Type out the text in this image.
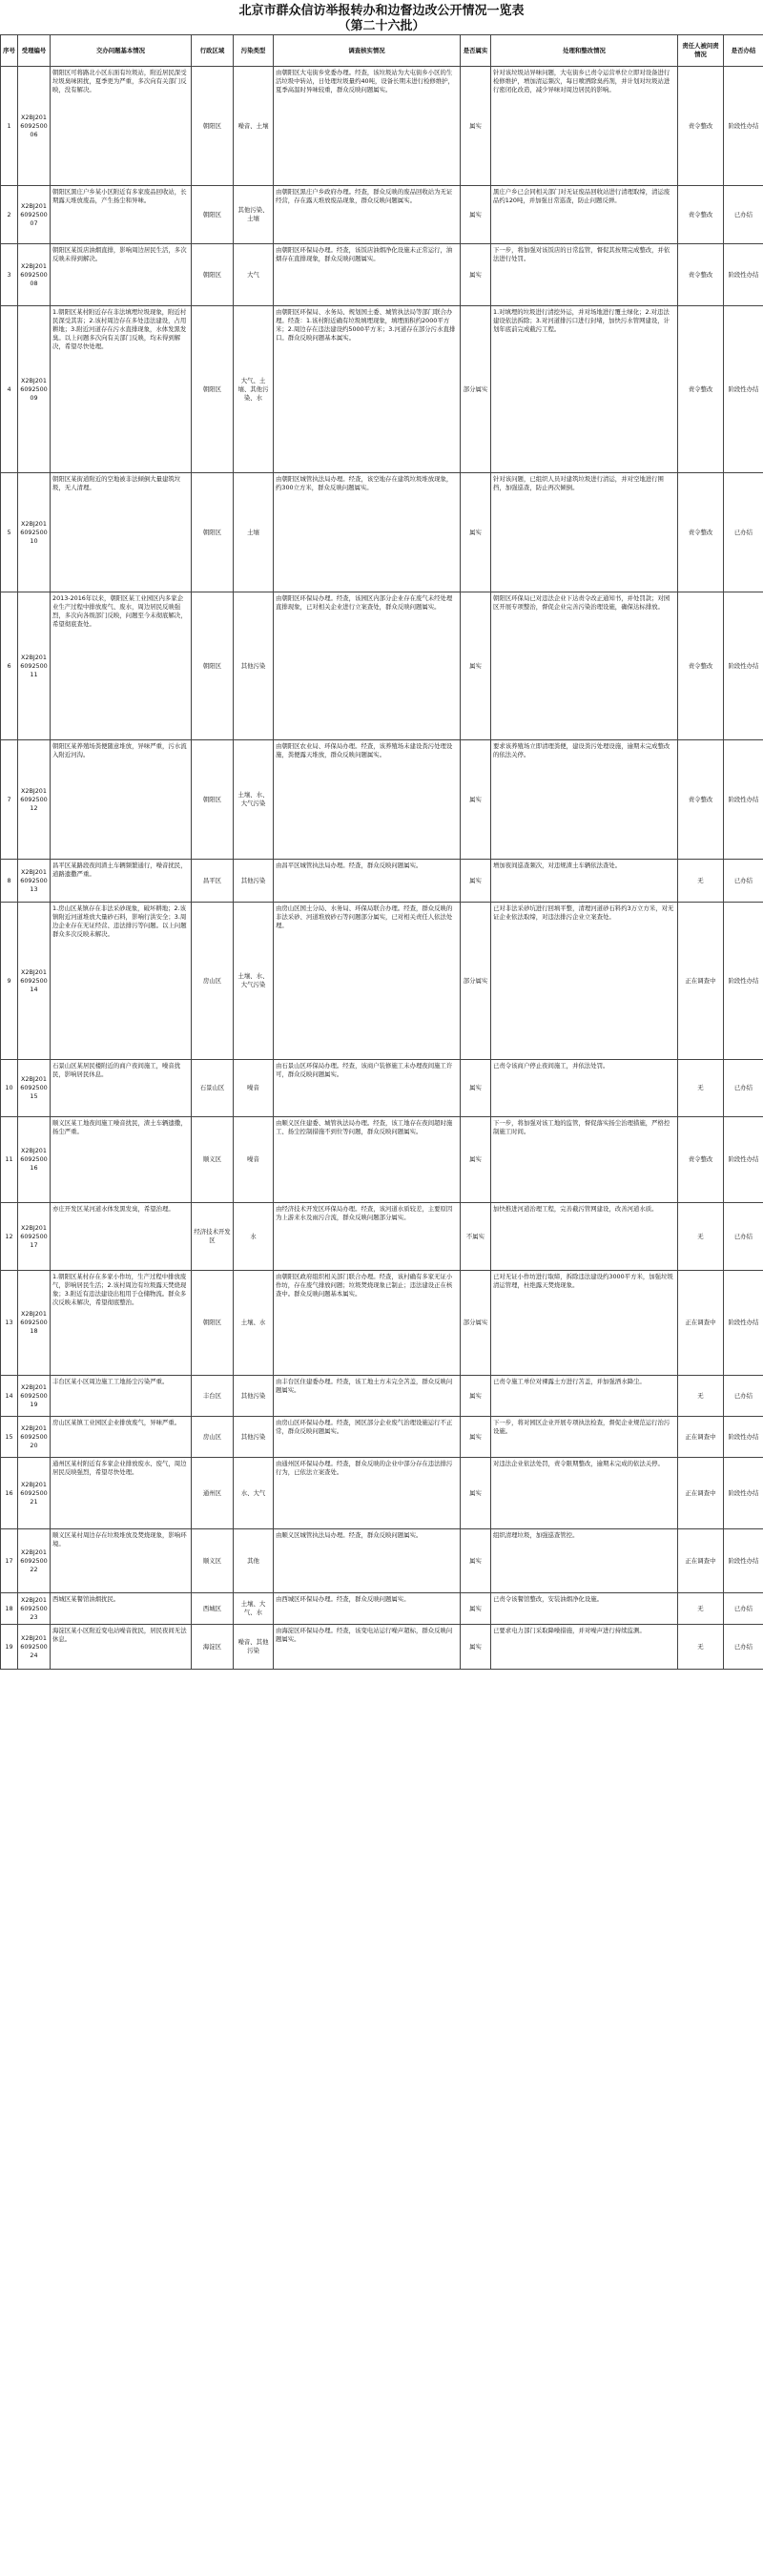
北京市群众信访举报转办和边督边改公开情况一览表
（第二十六批）
序号	受理编号	交办问题基本情况	行政区域	污染类型	调查核实情况	是否属实	处理和整改情况	责任人被问责情况	是否办结

1	X2BJ201609250006	朝阳区可将路北小区东面有垃圾站，附近居民深受垃圾臭味困扰，夏季更为严重，多次向有关部门反映，没有解决。	朝阳区	噪音、土壤	由朝阳区大屯街乡党委办理。经查，该垃圾站为大屯街乡小区的生活垃圾中转站，日处理垃圾量约40吨，设备长期未进行检修维护，夏季高温时异味较重，群众反映问题属实。	属实	针对该垃圾站异味问题，大屯街乡已责令运营单位立即对设备进行检修维护，增加清运频次，每日喷洒除臭药剂，并计划对垃圾站进行密闭化改造，减少异味对周边居民的影响。	责令整改	阶段性办结

2	X2BJ201609250007	朝阳区黑庄户乡某小区附近有多家废品回收站，长期露天堆放废品，产生扬尘和异味。	朝阳区	其他污染、土壤	由朝阳区黑庄户乡政府办理。经查，群众反映的废品回收站为无证经营，存在露天堆放废品现象，群众反映问题属实。	属实	黑庄户乡已会同相关部门对无证废品回收站进行清理取缔，清运废品约120吨，并加强日常巡查，防止问题反弹。	责令整改	已办结

3	X2BJ201609250008	朝阳区某饭店油烟直排，影响周边居民生活，多次反映未得到解决。	朝阳区	大气	由朝阳区环保局办理。经查，该饭店油烟净化设施未正常运行，油烟存在直排现象，群众反映问题属实。	属实	下一步，将加强对该饭店的日常监管，督促其按期完成整改，并依法进行处罚。	责令整改	阶段性办结

4	X2BJ201609250009	1.朝阳区某村附近存在非法填埋垃圾现象，附近村民深受其害；2.该村周边存在多处违法建设，占用耕地；3.附近河道存在污水直排现象，水体发黑发臭。以上问题多次向有关部门反映，均未得到解决，希望尽快处理。	朝阳区	大气、土壤、其他污染、水	由朝阳区环保局、水务局、规划国土委、城管执法局等部门联合办理。经查：1.该村附近确有垃圾填埋现象，填埋面积约2000平方米；2.周边存在违法建设约5000平方米；3.河道存在部分污水直排口。群众反映问题基本属实。	部分属实	1.对填埋的垃圾进行清挖外运，并对场地进行覆土绿化；2.对违法建设依法拆除；3.对河道排污口进行封堵，加快污水管网建设，计划年底前完成截污工程。	责令整改	阶段性办结

5	X2BJ201609250010	朝阳区某街道附近的空地被非法倾倒大量建筑垃圾，无人清理。	朝阳区	土壤	由朝阳区城管执法局办理。经查，该空地存在建筑垃圾堆放现象，约300立方米，群众反映问题属实。	属实	针对该问题，已组织人员对建筑垃圾进行清运，并对空地进行围挡，加强巡查，防止再次倾倒。	责令整改	已办结

6	X2BJ201609250011	2013-2016年以来，朝阳区某工业园区内多家企业生产过程中排放废气、废水，周边居民反映强烈，多次向各级部门反映，问题至今未彻底解决，希望彻底查处。	朝阳区	其他污染	由朝阳区环保局办理。经查，该园区内部分企业存在废气未经处理直排现象，已对相关企业进行立案查处，群众反映问题属实。	属实	朝阳区环保局已对违法企业下达责令改正通知书，并处罚款；对园区开展专项整治，督促企业完善污染治理设施，确保达标排放。	责令整改	阶段性办结

7	X2BJ201609250012	朝阳区某养殖场粪便随意堆放，异味严重，污水流入附近河沟。	朝阳区	土壤、水、大气污染	由朝阳区农业局、环保局办理。经查，该养殖场未建设粪污处理设施，粪便露天堆放，群众反映问题属实。	属实	要求该养殖场立即清理粪便，建设粪污处理设施，逾期未完成整改的依法关停。	责令整改	阶段性办结

8	X2BJ201609250013	昌平区某路段夜间渣土车辆频繁通行，噪音扰民，道路遗撒严重。	昌平区	其他污染	由昌平区城管执法局办理。经查，群众反映问题属实。	属实	增加夜间巡查频次，对违规渣土车辆依法查处。	无	已办结

9	X2BJ201609250014	1.房山区某镇存在非法采砂现象，破坏耕地；2.该镇附近河道堆放大量砂石料，影响行洪安全；3.周边企业存在无证经营、违法排污等问题。以上问题群众多次反映未解决。	房山区	土壤、水、大气污染	由房山区国土分局、水务局、环保局联合办理。经查，群众反映的非法采砂、河道堆放砂石等问题部分属实，已对相关责任人依法处理。	部分属实	已对非法采砂坑进行回填平整，清理河道砂石料约3万立方米，对无证企业依法取缔，对违法排污企业立案查处。	正在调查中	阶段性办结

10	X2BJ201609250015	石景山区某居民楼附近的商户夜间施工，噪音扰民，影响居民休息。	石景山区	噪音	由石景山区环保局办理。经查，该商户装修施工未办理夜间施工许可，群众反映问题属实。	属实	已责令该商户停止夜间施工，并依法处罚。	无	已办结

11	X2BJ201609250016	顺义区某工地夜间施工噪音扰民，渣土车辆遗撒，扬尘严重。	顺义区	噪音	由顺义区住建委、城管执法局办理。经查，该工地存在夜间超时施工、扬尘控制措施不到位等问题，群众反映问题属实。	属实	下一步，将加强对该工地的监管，督促落实扬尘治理措施，严格控制施工时间。	责令整改	阶段性办结

12	X2BJ201609250017	亦庄开发区某河道水体发黑发臭，希望治理。	经济技术开发区	水	由经济技术开发区环保局办理。经查，该河道水质较差，主要原因为上游来水及雨污合流，群众反映问题部分属实。	不属实	加快推进河道治理工程，完善截污管网建设，改善河道水质。	无	已办结

13	X2BJ201609250018	1.朝阳区某村存在多家小作坊，生产过程中排放废气，影响居民生活；2.该村周边有垃圾露天焚烧现象；3.附近有违法建设出租用于仓储物流。群众多次反映未解决，希望彻底整治。	朝阳区	土壤、水	由朝阳区政府组织相关部门联合办理。经查，该村确有多家无证小作坊，存在废气排放问题；垃圾焚烧现象已制止；违法建设正在核查中。群众反映问题基本属实。	部分属实	已对无证小作坊进行取缔，拆除违法建设约3000平方米，加强垃圾清运管理，杜绝露天焚烧现象。	正在调查中	阶段性办结

14	X2BJ201609250019	丰台区某小区周边施工工地扬尘污染严重。	丰台区	其他污染	由丰台区住建委办理。经查，该工地土方未完全苫盖，群众反映问题属实。	属实	已责令施工单位对裸露土方进行苫盖，并加强洒水降尘。	无	已办结

15	X2BJ201609250020	房山区某镇工业园区企业排放废气，异味严重。	房山区	其他污染	由房山区环保局办理。经查，园区部分企业废气治理设施运行不正常，群众反映问题属实。	属实	下一步，将对园区企业开展专项执法检查，督促企业规范运行治污设施。	正在调查中	阶段性办结

16	X2BJ201609250021	通州区某村附近有多家企业排放废水、废气，周边居民反映强烈，希望尽快处理。	通州区	水、大气	由通州区环保局办理。经查，群众反映的企业中部分存在违法排污行为，已依法立案查处。	属实	对违法企业依法处罚，责令限期整改，逾期未完成的依法关停。	正在调查中	阶段性办结

17	X2BJ201609250022	顺义区某村周边存在垃圾堆放及焚烧现象，影响环境。	顺义区	其他	由顺义区城管执法局办理。经查，群众反映问题属实。	属实	组织清理垃圾，加强巡查管控。	正在调查中	阶段性办结

18	X2BJ201609250023	西城区某餐馆油烟扰民。	西城区	土壤、大气、水	由西城区环保局办理。经查，群众反映问题属实。	属实	已责令该餐馆整改，安装油烟净化设施。	无	已办结

19	X2BJ201609250024	海淀区某小区附近变电站噪音扰民，居民夜间无法休息。	海淀区	噪音、其他污染	由海淀区环保局办理。经查，该变电站运行噪声超标，群众反映问题属实。	属实	已要求电力部门采取降噪措施，并对噪声进行持续监测。	无	已办结
